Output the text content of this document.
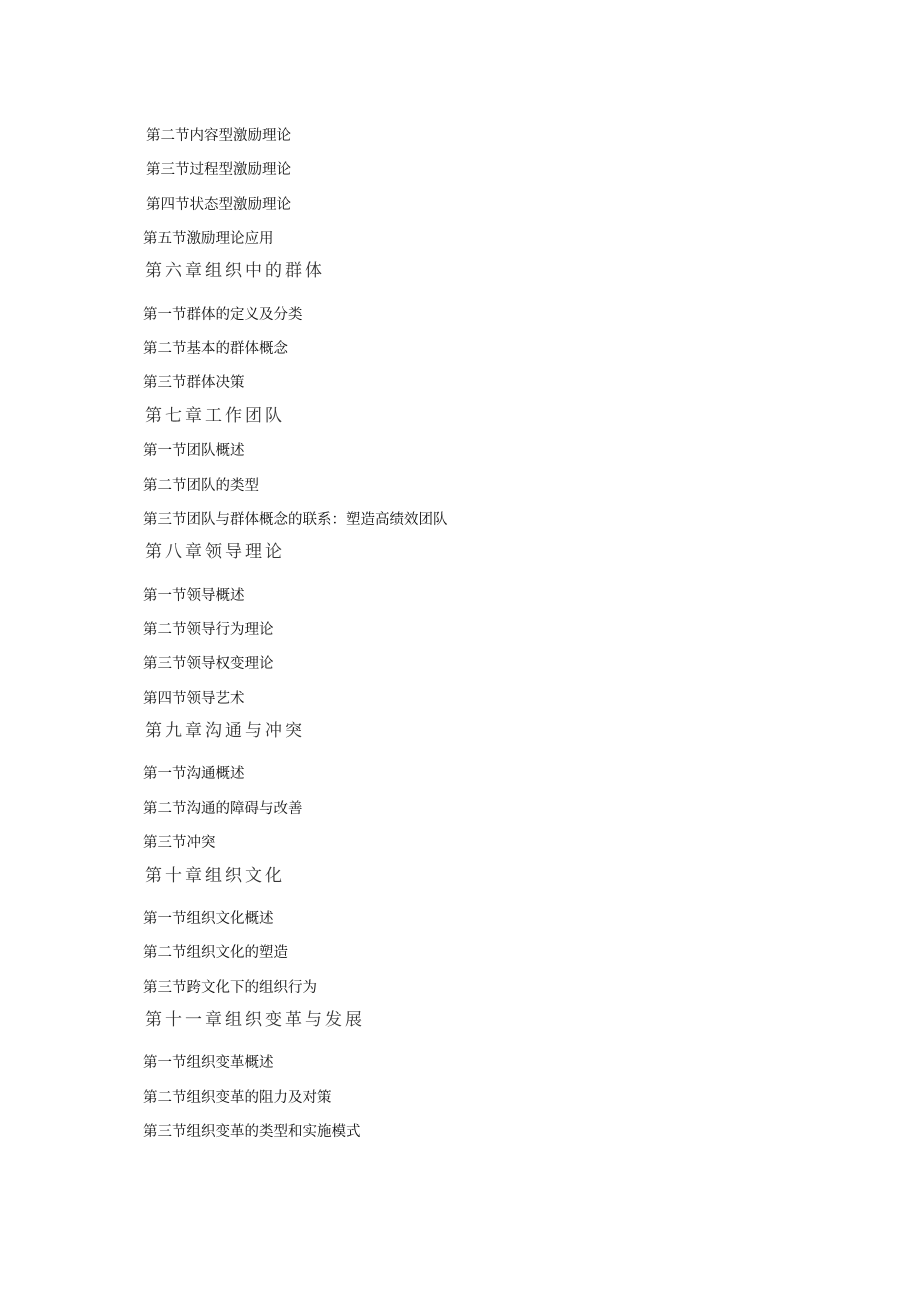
第二节内容型激励理论
第三节过程型激励理论
第四节状态型激励理论
第五节激励理论应用
第六章组织中的群体
第一节群体的定义及分类
第二节基本的群体概念
第三节群体决策
第七章工作团队
第一节团队概述
第二节团队的类型
第三节团队与群体概念的联系：塑造高绩效团队
第八章领导理论
第一节领导概述
第二节领导行为理论
第三节领导权变理论
第四节领导艺术
第九章沟通与冲突
第一节沟通概述
第二节沟通的障碍与改善
第三节冲突
第十章组织文化
第一节组织文化概述
第二节组织文化的塑造
第三节跨文化下的组织行为
第十一章组织变革与发展
第一节组织变革概述
第二节组织变革的阻力及对策
第三节组织变革的类型和实施模式
